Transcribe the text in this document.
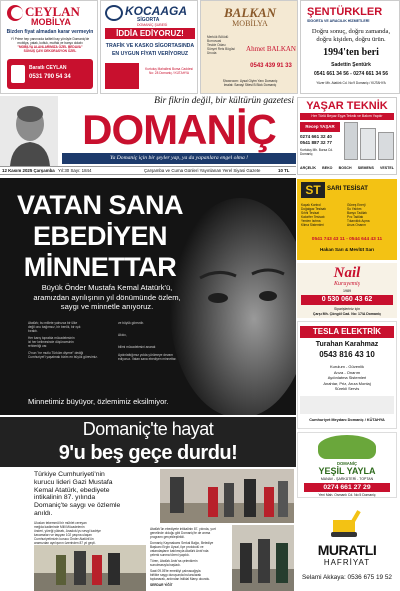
CEYLAN
MOBİLYA
Bizden fiyat almadan karar vermeyin
Yİ Prime hep yanınızda kaliteli bay yönüyle Domaniç'de
mobilya, yatak, koltuk, mutfak ve banyo dolabı
"MOBİLYA ALANLARIMIZA ÖZEL BEDAVA"
SÖNÜŞ ÇAYI DEKORASYON ÖZEL
Baratlı CEYLAN
0531 790 54 34
KOCAAGA
SİGORTA
DOMANİÇ ŞUBESİ
İDDİA EDİYORUZ!
TRAFİK VE KASKO SİGORTASINDA
EN UYGUN FİYATI VERİYORUZ
Kurtuluş Mahallesi Bursa Caddesi
No: 28 Domaniç / KÜTAHYA
BALKAN
MOBİLYA
Merkük Bölüdü
Bornovasi
Teside Odası
Sünyet Reis Bögüsi
Ünoda	Ahmet BALKAN
0543 439 91 33
Showroom: Uysal Giyim Yanı Domaniç
İmalat: Sanayi Sitesi B Blok Domaniç
ŞENTÜRKLER
SİGORTA VE ARACILIK HİZMETLERİ
Doğru sonuç, doğru zamanda,
doğru kişiden, doğru ürün.
1994'ten beri
Sadettin Şentürk
0541 661 34 56 - 0274 661 34 56
Yüzer Mh. Atatürk Cd. No:9 Domaniç / KÜTAHYA
Bir fikrin değil, bir kültürün gazetesi
DOMANİÇ
Ya Domaniç için bir şeyler yap, ya da yapanlara engel olma !
12 Kasım 2025 Çarşamba Yıl:30 Sayı: 1844	Çarşamba ve Cuma Günleri Yayınlanan Yerel Siyasi Gazete	10 TL
VATAN SANA
EBEDİYEN
MİNNETTAR
Büyük Önder Mustafa Kemal Atatürk'ü,
aramızdan ayrılışının yıl dönümünde özlem,
saygı ve minnetle anıyoruz.
Atatürk; bu millete yalnızca bir ülke
değil onu bağımsız, bir benlik, bir ışık
bıraktı.
Her karış toprakta mücadelesinin
izi her kelimesinde düşüncesinin
rehberliği var.
O'nun "ne mutlu Türküm diyene" dediği
Cumhuriyet'i yaşatmak bizim en büyük görevimiz.
ve büyük görevdir.
Akılcı,
bilimi mücadelesini anarak
Aydınlattığımız yolda yürümeye devam
ediyoruz. Vatan sana ebediyen minnettar.
Minnetimiz büyüyor, özlemimiz eksilmiyor.
Domaniç'te hayat
9'u beş geçe durdu!
Türkiye Cumhuriyeti'nin
kurucu lideri Gazi Mustafa
Kemal Atatürk, ebediyete
intikalinin 87. yılında
Domaniç'te saygı ve özlemle
anıldı.
Ulusları tekemmül bir mühlet cereyan
meğda kadiminde Milli Mücadelenin
önderi, yüreği yüksek, Anadolu'yu sevgi kadriye
kavamaları ve taşıyan 102 yaşına ulaşan
Cumhuriyetimizin kurucu Önder Atatürk'ün
aramızdan ayrılışının üzerinden 87 yıl geçti.
Atatürk'ün ebediyete intikalinin 87. yılında, yurt
genelinde olduğu gibi Domaniç'te de anma
programı gerçekleştirildi.
Domaniç Kaymakamı Serkal Bağcı, Belediye
Başkanı Ergin Uysal, ilçe protokolü ve
vatandaşların katılımıyla Atatürk Anıtı'nda
çelenk sunma töreni yapıldı.
Tören, Atatürk Anıtı'na çelenklerin
sunulmasıyla başladı.
Saat 09.05'te emekliyi çalınacağıyla
birlikte saygı duruşunda bulunularak
toplanarak, ardından İstiklal Marşı okundu.
SERDAR YİĞİT
YAŞAR TEKNİK
Her Türlü Beyaz Eşya Teknik ve Bakım Yapılır
Recep YAŞAR
0274 661 32 40
0541 887 32 77
Kurtuluş Mh. Bursa Cd. Domaniç
ARÇELİK BEKO BOSCH SIEMENS VESTEL
ST	SARI TESİSAT
Kaçak Kontrol
Doğalgaz Tesisatı
Sıhhi Tesisat
Kalorifer Tesisatı
Yerden Isıtma
Klima Sistemleri
Güneş Enerji
Su Yalıtım
Banyo Tadilatı
Pvc Tadilatı
Tıkanıklık Açma
Arıza Onarım
0541 743 43 11 - 0544 644 43 11
Hakan Sarı & Mevlüt Sarı
Nail
Kuruyemiş
1989
0 530 060 43 62
Siparişleriniz için
Çarşı Mh. Çöngöl Cad. No: 17/A Domaniç
TESLA ELEKTRİK
Turahan Karahmaz
0543 816 43 10
Kurulum - Güvenlik
Arıza - Onarım
Aydınlatma Sistemleri
Anahtar, Priz, Arıza Montaj
Sürekli Servis
Cumhuriyet Meydanı Domaniç / KÜTAHYA
DOMANİÇ
YEŞİL YAYLA
MANAV - ŞARKÜTERİ - TOPTAN
0274 661 27 29
Yeni Mah. Osmanlı Cd. No:5 Domaniç
MURATLI
HAFRİYAT
Selami Akkaya: 0536 675 19 52
